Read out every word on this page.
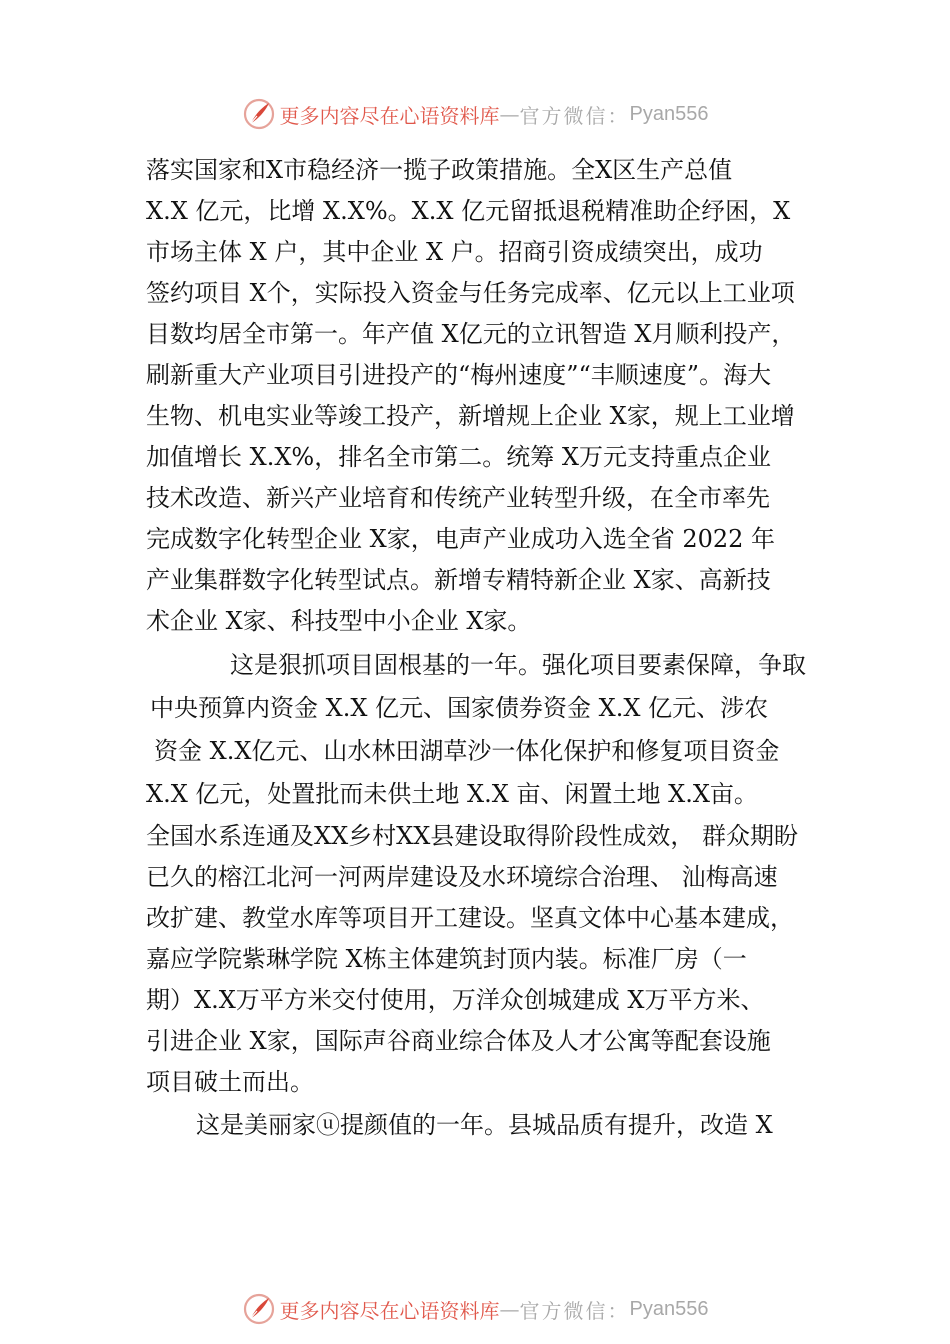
更多内容尽在心语资料库 — 官方微信： Pyan556
落实国家和X市稳经济一揽子政策措施。全X区生产总值
X.X 亿元，比增 X.X%。X.X 亿元留抵退税精准助企纾困，X
市场主体 X 户，其中企业 X 户。招商引资成绩突出，成功
签约项目 X个，实际投入资金与任务完成率、亿元以上工业项
目数均居全市第一。年产值 X亿元的立讯智造 X月顺利投产，
刷新重大产业项目引进投产的“梅州速度”“丰顺速度”。海大
生物、机电实业等竣工投产，新增规上企业 X家，规上工业增
加值增长 X.X%，排名全市第二。统筹 X万元支持重点企业
技术改造、新兴产业培育和传统产业转型升级，在全市率先
完成数字化转型企业 X家，电声产业成功入选全省 2022 年
产业集群数字化转型试点。新增专精特新企业 X家、高新技
术企业 X家、科技型中小企业 X家。
这是狠抓项目固根基的一年。强化项目要素保障，争取
中央预算内资金 X.X 亿元、国家债券资金 X.X 亿元、涉农
资金 X.X亿元、山水林田湖草沙一体化保护和修复项目资金
X.X 亿元，处置批而未供土地 X.X 亩、闲置土地 X.X亩。
全国水系连通及XX乡村XX县建设取得阶段性成效， 群众期盼
已久的榕江北河一河两岸建设及水环境综合治理、 汕梅高速
改扩建、教堂水库等项目开工建设。坚真文体中心基本建成，
嘉应学院紫琳学院 X栋主体建筑封顶内装。标准厂房（一
期）X.X万平方米交付使用，万洋众创城建成 X万平方米、
引进企业 X家，国际声谷商业综合体及人才公寓等配套设施
项目破土而出。
这是美丽家ⓤ提颜值的一年。县城品质有提升，改造 X
更多内容尽在心语资料库 — 官方微信： Pyan556
